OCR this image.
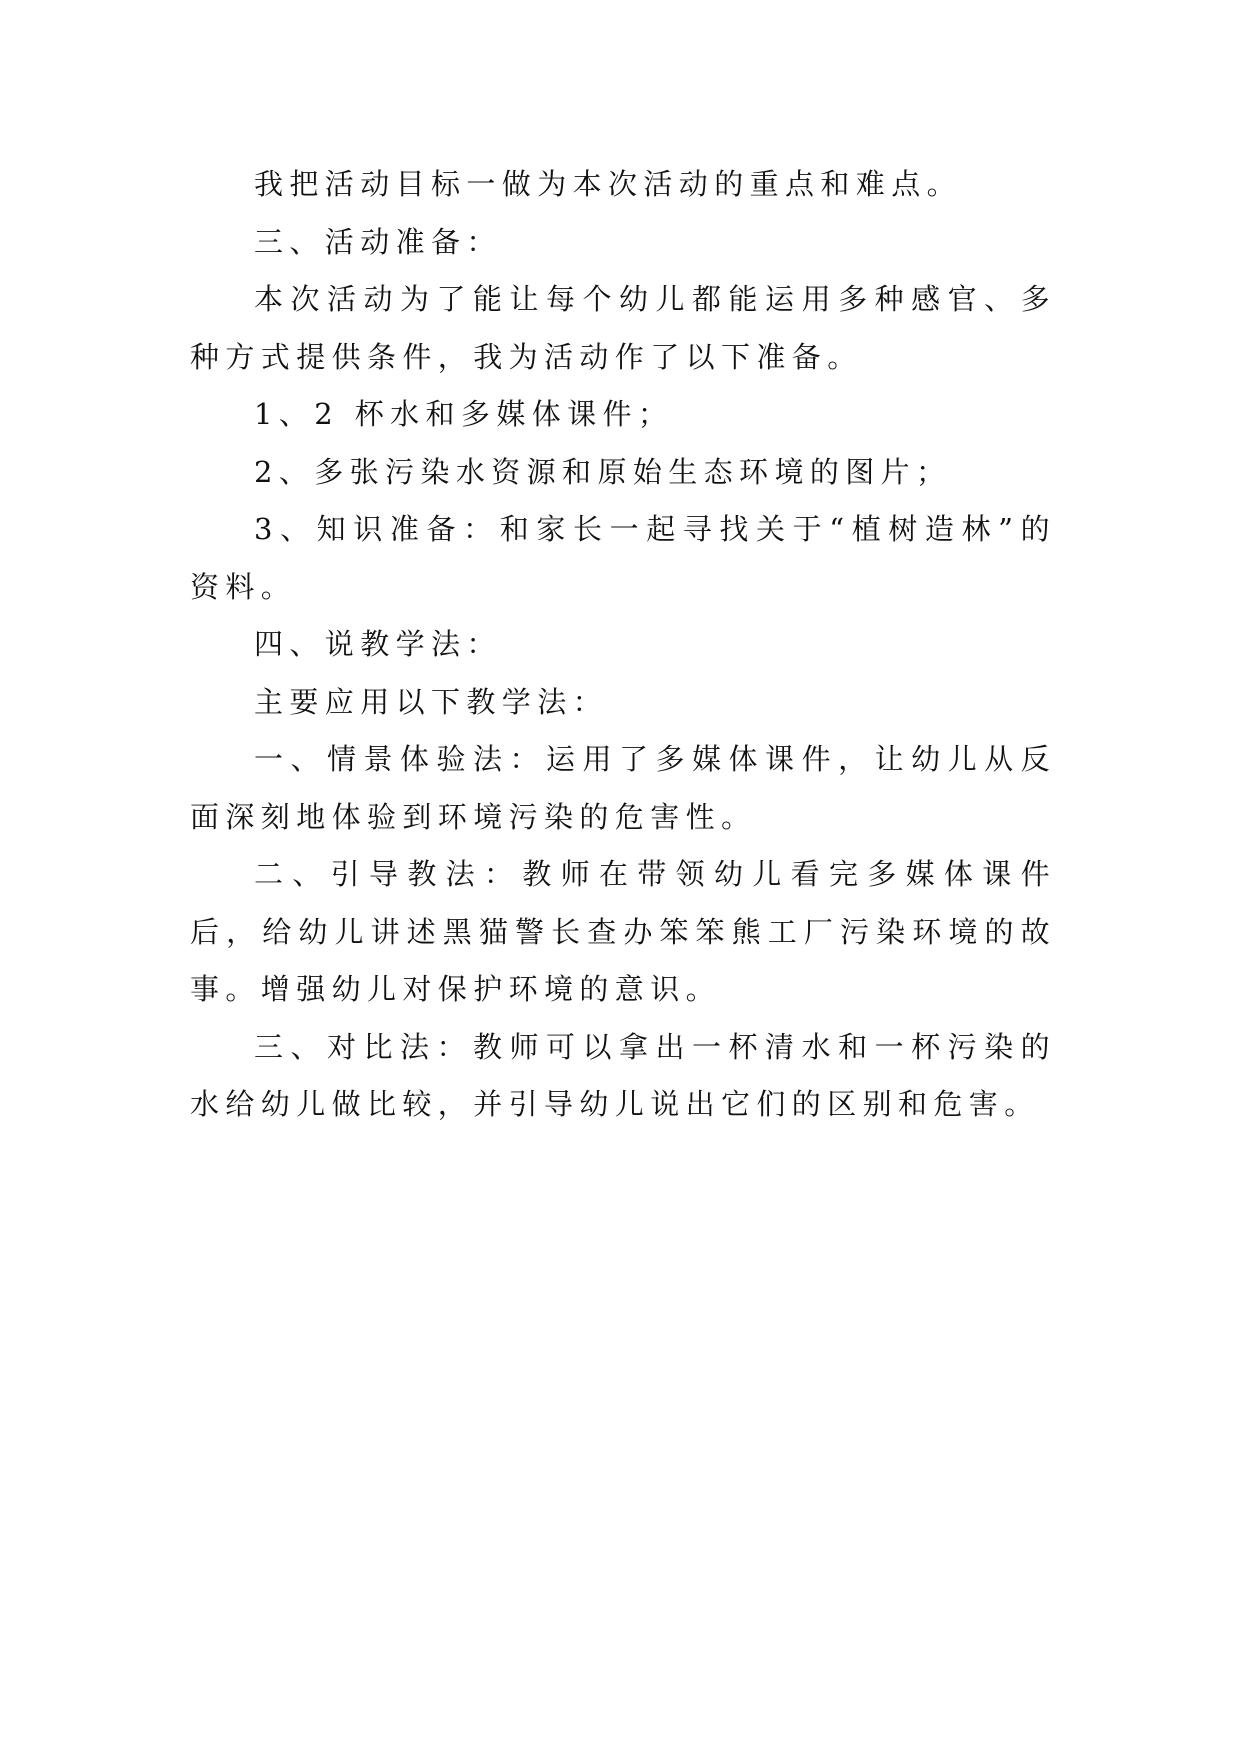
我把活动目标一做为本次活动的重点和难点。

三、活动准备：

本次活动为了能让每个幼儿都能运用多种感官、多种方式提供条件，我为活动作了以下准备。

1、2 杯水和多媒体课件；

2、多张污染水资源和原始生态环境的图片；

3、知识准备：和家长一起寻找关于“植树造林”的资料。

四、说教学法：

主要应用以下教学法：

一、情景体验法：运用了多媒体课件，让幼儿从反面深刻地体验到环境污染的危害性。

二、引导教法：教师在带领幼儿看完多媒体课件后，给幼儿讲述黑猫警长查办笨笨熊工厂污染环境的故事。增强幼儿对保护环境的意识。

三、对比法：教师可以拿出一杯清水和一杯污染的水给幼儿做比较，并引导幼儿说出它们的区别和危害。
